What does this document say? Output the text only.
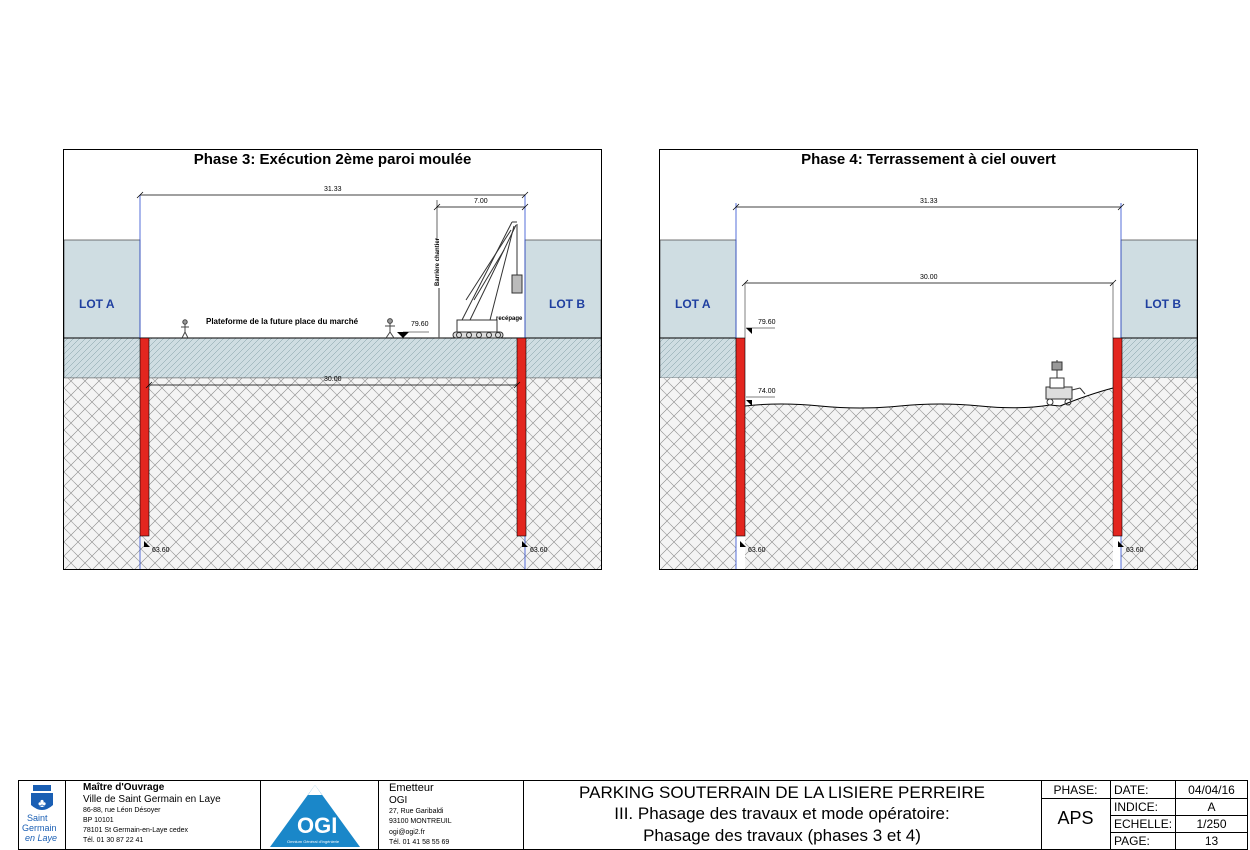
Phase 3: Exécution 2ème paroi moulée
LOT A	LOT B
31.33
7.00
30.00
79.60
Plateforme de la future place du marché
Barrière chantier
recépage
63.60	63.60
Phase 4: Terrassement à ciel ouvert
LOT A	LOT B
31.33
30.00
79.60
74.00
63.60	63.60
♣
Saint
Germain
en Laye
Maître d'Ouvrage
Ville de Saint Germain en Laye
86-88, rue Léon Désoyer
BP 10101
78101 St Germain-en-Laye cedex
Tél. 01 30 87 22 41
OGI
Omnium Général d'Ingénierie
Emetteur
OGI
27, Rue Garibaldi
93100 MONTREUIL
ogi@ogi2.fr
Tél. 01 41 58 55 69
PARKING SOUTERRAIN DE LA LISIERE PERREIRE
III. Phasage des travaux et mode opératoire:
Phasage des travaux (phases 3 et 4)
PHASE:
APS
DATE:	04/04/16
INDICE:	A
ECHELLE:	1/250
PAGE:	13
